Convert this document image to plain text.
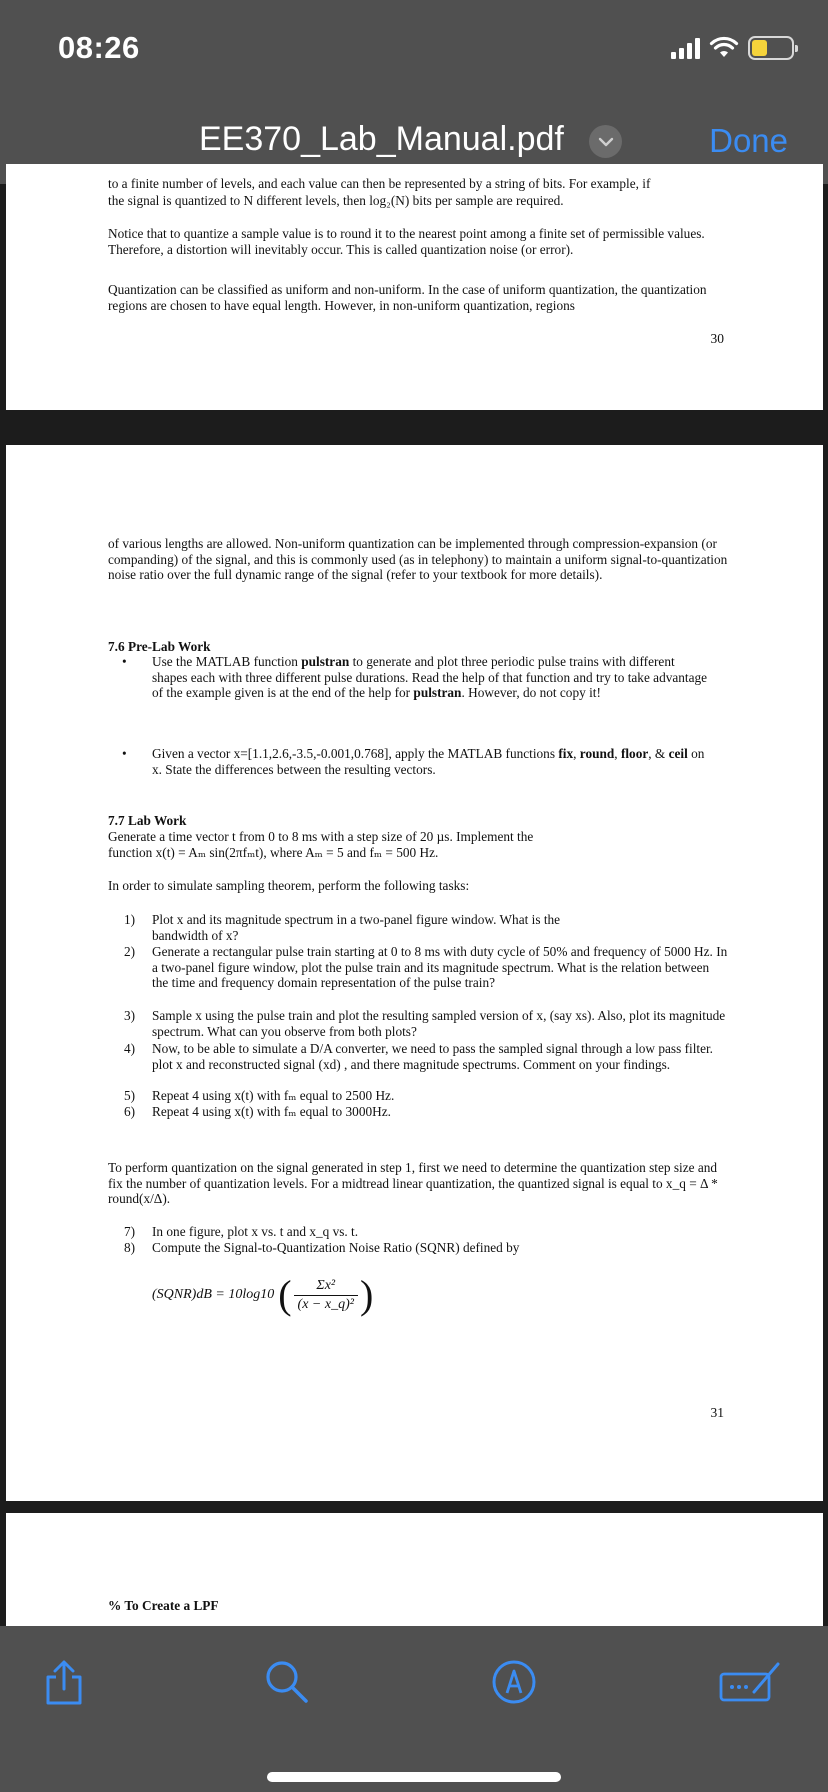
08:26
EE370_Lab_Manual.pdf	Done

to a finite number of levels, and each value can then be represented by a string of bits. For example, if

the signal is quantized to N different levels, then log₂(N) bits per sample are required.

Notice that to quantize a sample value is to round it to the nearest point among a finite set of permissible values. Therefore, a distortion will inevitably occur. This is called quantization noise (or error).

Quantization can be classified as uniform and non-uniform. In the case of uniform quantization, the quantization regions are chosen to have equal length. However, in non-uniform quantization, regions

30

of various lengths are allowed. Non-uniform quantization can be implemented through compression-expansion (or companding) of the signal, and this is commonly used (as in telephony) to maintain a uniform signal-to-quantization noise ratio over the full dynamic range of the signal (refer to your textbook for more details).

7.6 Pre-Lab Work

• Use the MATLAB function pulstran to generate and plot three periodic pulse trains with different shapes each with three different pulse durations. Read the help of that function and try to take advantage of the example given is at the end of the help for pulstran. However, do not copy it!
• Given a vector x=[1.1,2.6,-3.5,-0.001,0.768], apply the MATLAB functions fix, round, floor, & ceil on x. State the differences between the resulting vectors.

7.7 Lab Work

Generate a time vector t from 0 to 8 ms with a step size of 20 µs. Implement the

function x(t) = Aₘ sin(2πfₘt), where Aₘ = 5 and fₘ = 500 Hz.

In order to simulate sampling theorem, perform the following tasks:

1) Plot x and its magnitude spectrum in a two-panel figure window. What is the bandwidth of x?
2) Generate a rectangular pulse train starting at 0 to 8 ms with duty cycle of 50% and frequency of 5000 Hz. In a two-panel figure window, plot the pulse train and its magnitude spectrum. What is the relation between the time and frequency domain representation of the pulse train?
3) Sample x using the pulse train and plot the resulting sampled version of x, (say xs). Also, plot its magnitude spectrum. What can you observe from both plots?
4) Now, to be able to simulate a D/A converter, we need to pass the sampled signal through a low pass filter. plot x and reconstructed signal (xd) , and there magnitude spectrums. Comment on your findings.
5) Repeat 4 using x(t) with fₘ equal to 2500 Hz.
6) Repeat 4 using x(t) with fₘ equal to 3000Hz.

To perform quantization on the signal generated in step 1, first we need to determine the quantization step size and fix the number of quantization levels. For a midtread linear quantization, the quantized signal is equal to x_q = Δ * round(x/Δ).

7) In one figure, plot x vs. t and x_q vs. t.
8) Compute the Signal-to-Quantization Noise Ratio (SQNR) defined by
(SQNR)dB = 10log10 ( $\frac{\text{Σx²}}{\text{(x − x\_q)²}}$ )

31

% To Create a LPF
